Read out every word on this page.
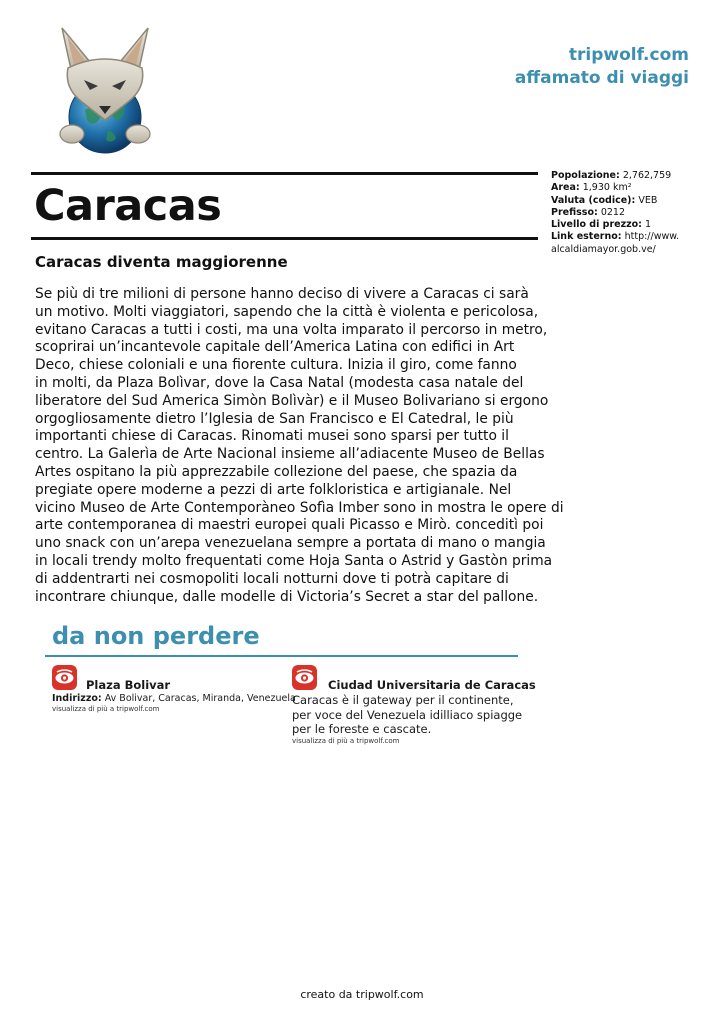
tripwolf.com
affamato di viaggi
Caracas
Popolazione: 2,762,759
Area: 1,930 km²
Valuta (codice): VEB
Prefisso: 0212
Livello di prezzo: 1
Link esterno: http://www.alcaldiamayor.gob.ve/
Caracas diventa maggiorenne
Se più di tre milioni di persone hanno deciso di vivere a Caracas ci sarà
un motivo. Molti viaggiatori, sapendo che la città è violenta e pericolosa,
evitano Caracas a tutti i costi, ma una volta imparato il percorso in metro,
scoprirai un’incantevole capitale dell’America Latina con edifici in Art
Deco, chiese coloniali e una fiorente cultura. Inizia il giro, come fanno
in molti, da Plaza Bolìvar, dove la Casa Natal (modesta casa natale del
liberatore del Sud America Simòn Bolìvàr) e il Museo Bolivariano si ergono
orgogliosamente dietro l’Iglesia de San Francisco e El Catedral, le più
importanti chiese di Caracas. Rinomati musei sono sparsi per tutto il
centro. La Galerìa de Arte Nacional insieme all’adiacente Museo de Bellas
Artes ospitano la più apprezzabile collezione del paese, che spazia da
pregiate opere moderne a pezzi di arte folkloristica e artigianale. Nel
vicino Museo de Arte Contemporàneo Sofìa Imber sono in mostra le opere di
arte contemporanea di maestri europei quali Picasso e Mirò. conceditì poi
uno snack con un’arepa venezuelana sempre a portata di mano o mangia
in locali trendy molto frequentati come Hoja Santa o Astrid y Gastòn prima
di addentrarti nei cosmopoliti locali notturni dove ti potrà capitare di
incontrare chiunque, dalle modelle di Victoria’s Secret a star del pallone.
da non perdere
Plaza Bolivar
Indirizzo: Av Bolivar, Caracas, Miranda, Venezuela
visualizza di più a tripwolf.com
Ciudad Universitaria de Caracas
Caracas è il gateway per il continente,
per voce del Venezuela idilliaco spiagge
per le foreste e cascate.
visualizza di più a tripwolf.com
creato da tripwolf.com
